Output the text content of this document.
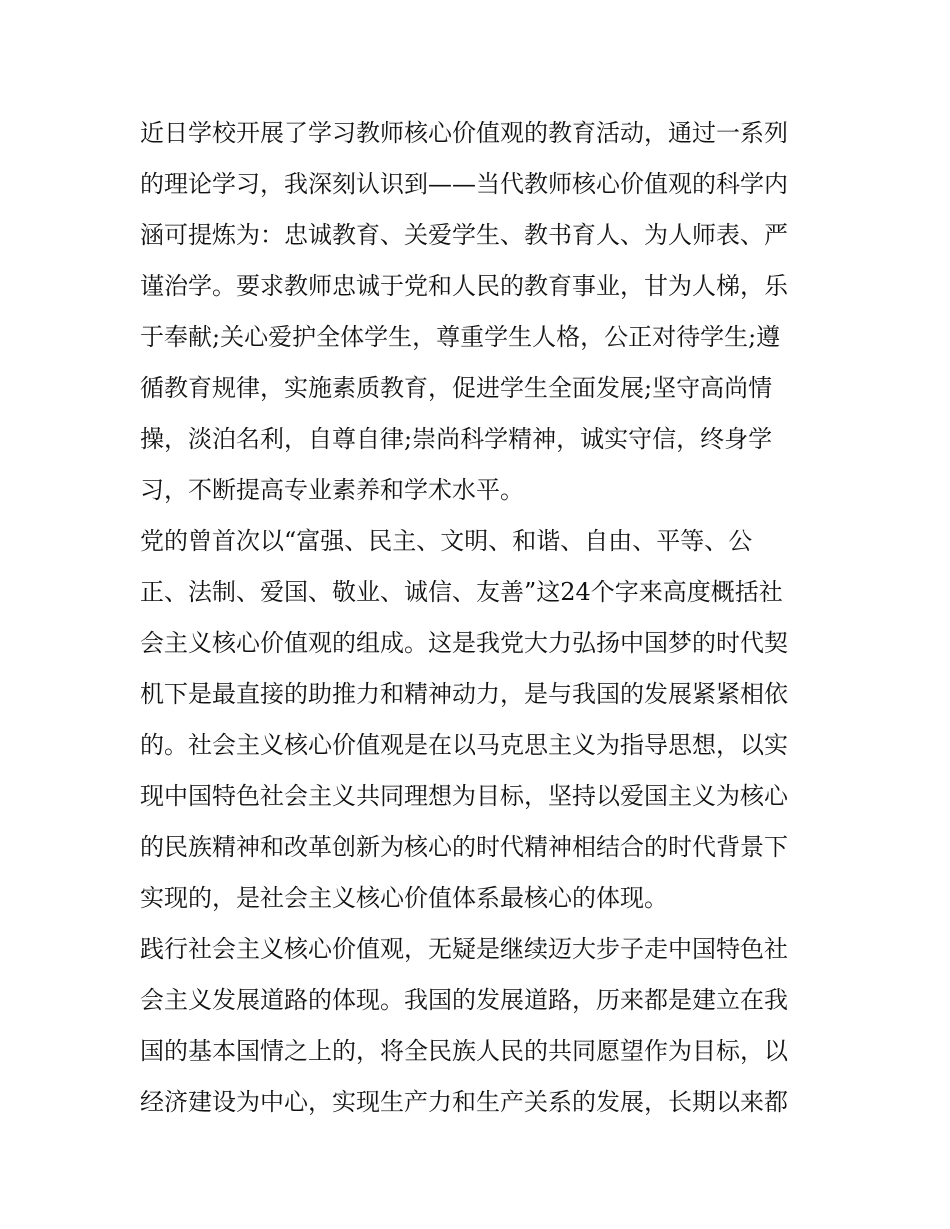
近日学校开展了学习教师核心价值观的教育活动，通过一系列
的理论学习，我深刻认识到——当代教师核心价值观的科学内
涵可提炼为：忠诚教育、关爱学生、教书育人、为人师表、严
谨治学。要求教师忠诚于党和人民的教育事业，甘为人梯，乐
于奉献;关心爱护全体学生，尊重学生人格，公正对待学生;遵
循教育规律，实施素质教育，促进学生全面发展;坚守高尚情
操，淡泊名利，自尊自律;崇尚科学精神，诚实守信，终身学
习，不断提高专业素养和学术水平。

党的曾首次以“富强、民主、文明、和谐、自由、平等、公
正、法制、爱国、敬业、诚信、友善”这24个字来高度概括社
会主义核心价值观的组成。这是我党大力弘扬中国梦的时代契
机下是最直接的助推力和精神动力，是与我国的发展紧紧相依
的。社会主义核心价值观是在以马克思主义为指导思想，以实
现中国特色社会主义共同理想为目标，坚持以爱国主义为核心
的民族精神和改革创新为核心的时代精神相结合的时代背景下
实现的，是社会主义核心价值体系最核心的体现。

践行社会主义核心价值观，无疑是继续迈大步子走中国特色社
会主义发展道路的体现。我国的发展道路，历来都是建立在我
国的基本国情之上的，将全民族人民的共同愿望作为目标，以
经济建设为中心，实现生产力和生产关系的发展，长期以来都
